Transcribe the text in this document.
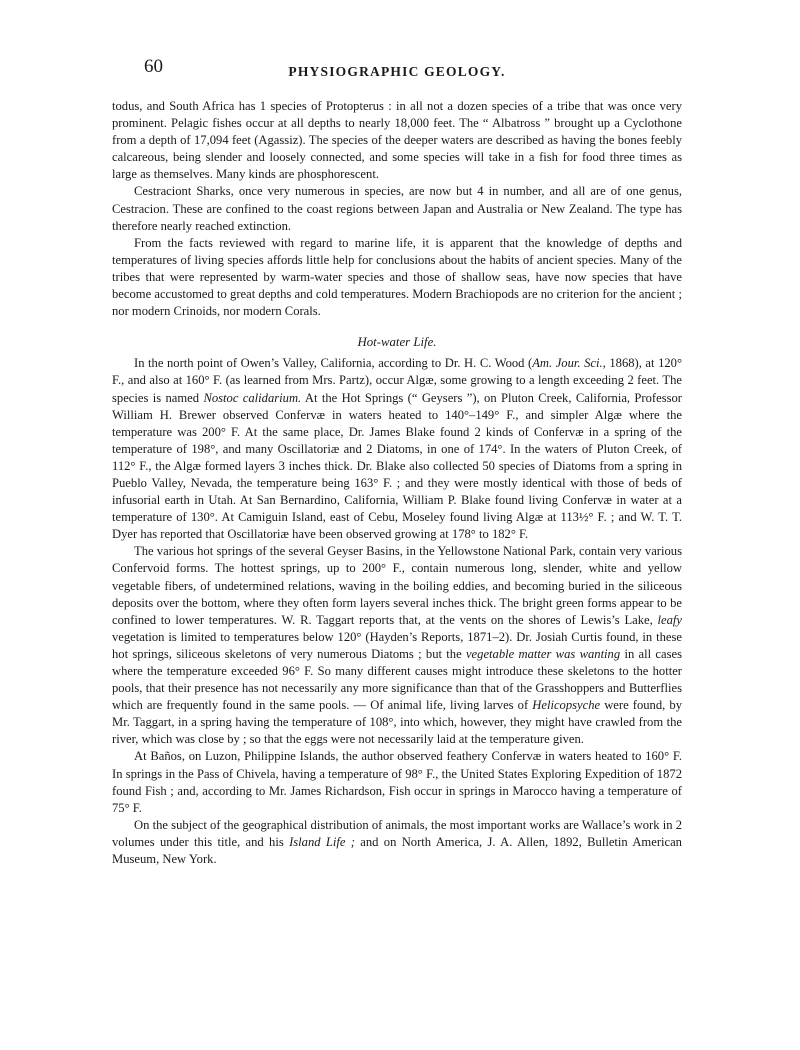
60	PHYSIOGRAPHIC GEOLOGY.

todus, and South Africa has 1 species of Protopterus : in all not a dozen species of a tribe that was once very prominent. Pelagic fishes occur at all depths to nearly 18,000 feet. The “ Albatross ” brought up a Cyclothone from a depth of 17,094 feet (Agassiz). The species of the deeper waters are described as having the bones feebly calcareous, being slender and loosely connected, and some species will take in a fish for food three times as large as themselves. Many kinds are phosphorescent.

Cestraciont Sharks, once very numerous in species, are now but 4 in number, and all are of one genus, Cestracion. These are confined to the coast regions between Japan and Australia or New Zealand. The type has therefore nearly reached extinction.

From the facts reviewed with regard to marine life, it is apparent that the knowledge of depths and temperatures of living species affords little help for conclusions about the habits of ancient species. Many of the tribes that were represented by warm-water species and those of shallow seas, have now species that have become accustomed to great depths and cold temperatures. Modern Brachiopods are no criterion for the ancient ; nor modern Crinoids, nor modern Corals.

Hot-water Life.

In the north point of Owen’s Valley, California, according to Dr. H. C. Wood (Am. Jour. Sci., 1868), at 120° F., and also at 160° F. (as learned from Mrs. Partz), occur Algæ, some growing to a length exceeding 2 feet. The species is named Nostoc calidarium. At the Hot Springs (“ Geysers ”), on Pluton Creek, California, Professor William H. Brewer observed Confervæ in waters heated to 140°–149° F., and simpler Algæ where the temperature was 200° F. At the same place, Dr. James Blake found 2 kinds of Confervæ in a spring of the temperature of 198°, and many Oscillatoriæ and 2 Diatoms, in one of 174°. In the waters of Pluton Creek, of 112° F., the Algæ formed layers 3 inches thick. Dr. Blake also collected 50 species of Diatoms from a spring in Pueblo Valley, Nevada, the temperature being 163° F. ; and they were mostly identical with those of beds of infusorial earth in Utah. At San Bernardino, California, William P. Blake found living Confervæ in water at a temperature of 130°. At Camiguin Island, east of Cebu, Moseley found living Algæ at 113½° F. ; and W. T. T. Dyer has reported that Oscillatoriæ have been observed growing at 178° to 182° F.

The various hot springs of the several Geyser Basins, in the Yellowstone National Park, contain very various Confervoid forms. The hottest springs, up to 200° F., contain numerous long, slender, white and yellow vegetable fibers, of undetermined relations, waving in the boiling eddies, and becoming buried in the siliceous deposits over the bottom, where they often form layers several inches thick. The bright green forms appear to be confined to lower temperatures. W. R. Taggart reports that, at the vents on the shores of Lewis’s Lake, leafy vegetation is limited to temperatures below 120° (Hayden’s Reports, 1871–2). Dr. Josiah Curtis found, in these hot springs, siliceous skeletons of very numerous Diatoms ; but the vegetable matter was wanting in all cases where the temperature exceeded 96° F. So many different causes might introduce these skeletons to the hotter pools, that their presence has not necessarily any more significance than that of the Grasshoppers and Butterflies which are frequently found in the same pools. — Of animal life, living larves of Helicopsyche were found, by Mr. Taggart, in a spring having the temperature of 108°, into which, however, they might have crawled from the river, which was close by ; so that the eggs were not necessarily laid at the temperature given.

At Baños, on Luzon, Philippine Islands, the author observed feathery Confervæ in waters heated to 160° F. In springs in the Pass of Chivela, having a temperature of 98° F., the United States Exploring Expedition of 1872 found Fish ; and, according to Mr. James Richardson, Fish occur in springs in Marocco having a temperature of 75° F.

On the subject of the geographical distribution of animals, the most important works are Wallace’s work in 2 volumes under this title, and his Island Life ; and on North America, J. A. Allen, 1892, Bulletin American Museum, New York.
